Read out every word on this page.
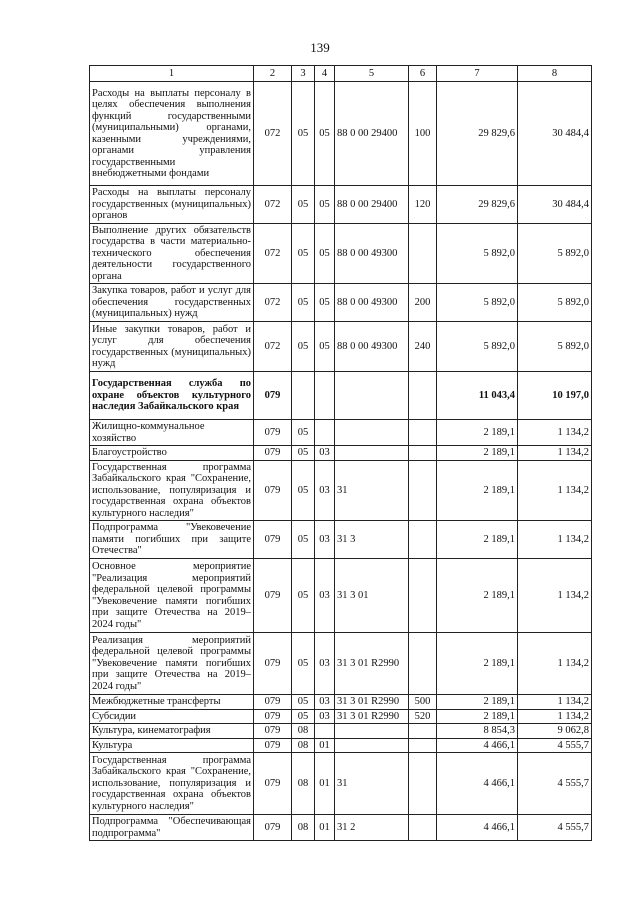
139
1	2	3	4	5	6	7	8
Расходы на выплаты персоналу в целях обеспечения выполнения функций государственными (муниципальными) органами, казенными учреждениями, органами управления государственными внебюджетными фондами	072	05	05	88 0 00 29400	100	29 829,6	30 484,4
Расходы на выплаты персоналу государственных (муниципальных) органов	072	05	05	88 0 00 29400	120	29 829,6	30 484,4
Выполнение других обязательств государства в части материально-технического обеспечения деятельности государственного органа	072	05	05	88 0 00 49300		5 892,0	5 892,0
Закупка товаров, работ и услуг для обеспечения государственных (муниципальных) нужд	072	05	05	88 0 00 49300	200	5 892,0	5 892,0
Иные закупки товаров, работ и услуг для обеспечения государственных (муниципальных) нужд	072	05	05	88 0 00 49300	240	5 892,0	5 892,0
Государственная служба по охране объектов культурного наследия Забайкальского края	079					11 043,4	10 197,0
Жилищно-коммунальное хозяйство	079	05				2 189,1	1 134,2
Благоустройство	079	05	03			2 189,1	1 134,2
Государственная программа Забайкальского края "Сохранение, использование, популяризация и государственная охрана объектов культурного наследия"	079	05	03	31		2 189,1	1 134,2
Подпрограмма "Увековечение памяти погибших при защите Отечества"	079	05	03	31 3		2 189,1	1 134,2
Основное мероприятие "Реализация мероприятий федеральной целевой программы "Увековечение памяти погибших при защите Отечества на 2019–2024 годы"	079	05	03	31 3 01		2 189,1	1 134,2
Реализация мероприятий федеральной целевой программы "Увековечение памяти погибших при защите Отечества на 2019–2024 годы"	079	05	03	31 3 01 R2990		2 189,1	1 134,2
Межбюджетные трансферты	079	05	03	31 3 01 R2990	500	2 189,1	1 134,2
Субсидии	079	05	03	31 3 01 R2990	520	2 189,1	1 134,2
Культура, кинематография	079	08				8 854,3	9 062,8
Культура	079	08	01			4 466,1	4 555,7
Государственная программа Забайкальского края "Сохранение, использование, популяризация и государственная охрана объектов культурного наследия"	079	08	01	31		4 466,1	4 555,7
Подпрограмма "Обеспечивающая подпрограмма"	079	08	01	31 2		4 466,1	4 555,7
